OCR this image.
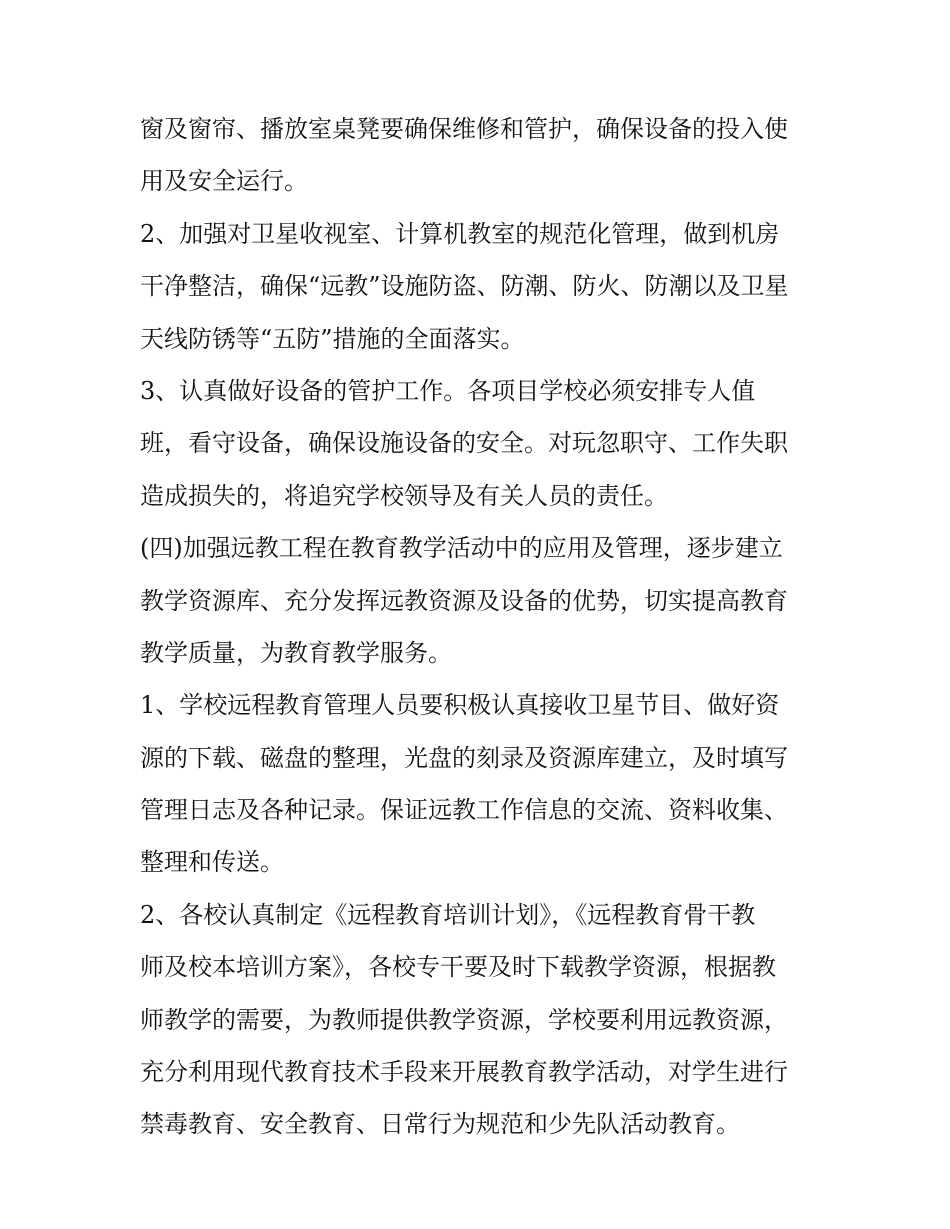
窗及窗帘、播放室桌凳要确保维修和管护，确保设备的投入使
用及安全运行。
2、加强对卫星收视室、计算机教室的规范化管理，做到机房
干净整洁，确保“远教”设施防盗、防潮、防火、防潮以及卫星
天线防锈等“五防”措施的全面落实。
3、认真做好设备的管护工作。各项目学校必须安排专人值
班，看守设备，确保设施设备的安全。对玩忽职守、工作失职
造成损失的，将追究学校领导及有关人员的责任。
(四)加强远教工程在教育教学活动中的应用及管理，逐步建立
教学资源库、充分发挥远教资源及设备的优势，切实提高教育
教学质量，为教育教学服务。
1、学校远程教育管理人员要积极认真接收卫星节目、做好资
源的下载、磁盘的整理，光盘的刻录及资源库建立，及时填写
管理日志及各种记录。保证远教工作信息的交流、资料收集、
整理和传送。
2、各校认真制定《远程教育培训计划》，《远程教育骨干教
师及校本培训方案》，各校专干要及时下载教学资源，根据教
师教学的需要，为教师提供教学资源，学校要利用远教资源，
充分利用现代教育技术手段来开展教育教学活动，对学生进行
禁毒教育、安全教育、日常行为规范和少先队活动教育。
